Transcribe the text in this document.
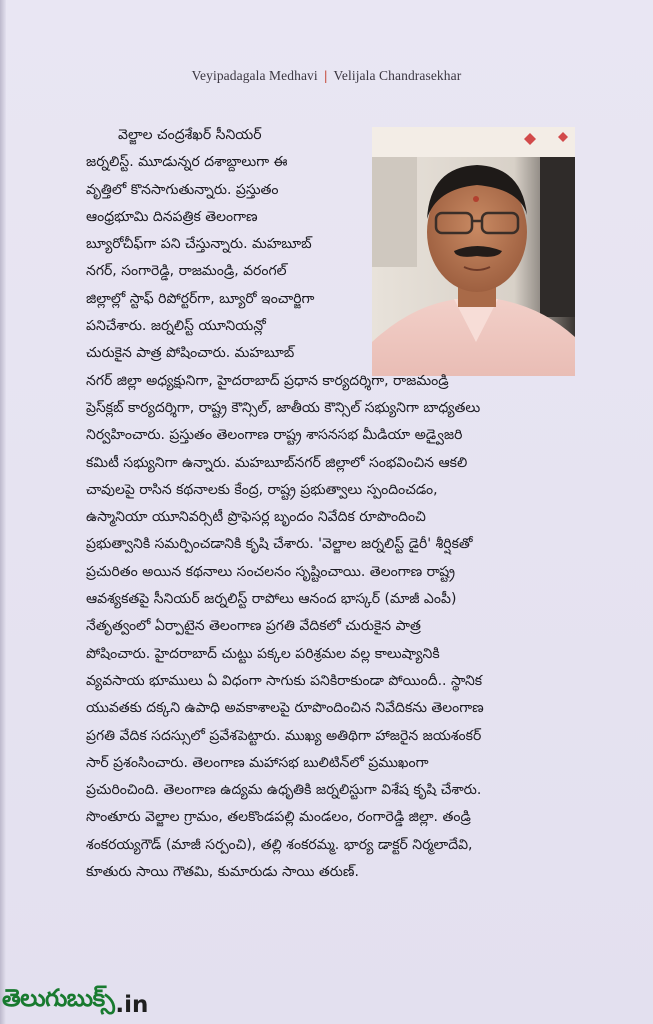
Veyipadagala Medhavi | Velijala Chandrasekhar
వెల్జాల చంద్రశేఖర్ సీనియర్
జర్నలిస్ట్. మూడున్నర దశాబ్దాలుగా ఈ
వృత్తిలో కొనసాగుతున్నారు. ప్రస్తుతం
ఆంధ్రభూమి దినపత్రిక తెలంగాణ
బ్యూరోచీఫ్‌గా పని చేస్తున్నారు. మహబూబ్
నగర్, సంగారెడ్డి, రాజమండ్రి, వరంగల్
జిల్లాల్లో స్టాఫ్ రిపోర్టర్‌గా, బ్యూరో ఇంచార్జిగా
పనిచేశారు. జర్నలిస్ట్ యూనియన్లో
చురుకైన పాత్ర పోషించారు. మహబూబ్
నగర్ జిల్లా అధ్యక్షునిగా, హైదరాబాద్ ప్రధాన కార్యదర్శిగా, రాజమండ్రి
ప్రెస్‌క్లబ్ కార్యదర్శిగా, రాష్ట్ర కౌన్సిల్, జాతీయ కౌన్సిల్ సభ్యునిగా బాధ్యతలు
నిర్వహించారు. ప్రస్తుతం తెలంగాణ రాష్ట్ర శాసనసభ మీడియా అడ్వైజరి
కమిటీ సభ్యునిగా ఉన్నారు. మహబూబ్‌నగర్ జిల్లాలో సంభవించిన ఆకలి
చావులపై రాసిన కథనాలకు కేంద్ర, రాష్ట్ర ప్రభుత్వాలు స్పందించడం,
ఉస్మానియా యూనివర్సిటీ ప్రొఫెసర్ల బృందం నివేదిక రూపొందించి
ప్రభుత్వానికి సమర్పించడానికి కృషి చేశారు. 'వెల్జాల జర్నలిస్ట్ డైరీ' శీర్షికతో
ప్రచురితం అయిన కథనాలు సంచలనం సృష్టించాయి. తెలంగాణ రాష్ట్ర
ఆవశ్యకతపై సీనియర్ జర్నలిస్ట్ రాపోలు ఆనంద భాస్కర్ (మాజీ ఎంపీ)
నేతృత్వంలో ఏర్పాటైన తెలంగాణ ప్రగతి వేదికలో చురుకైన పాత్ర
పోషించారు. హైదరాబాద్ చుట్టు పక్కల పరిశ్రమల వల్ల కాలుష్యానికి
వ్యవసాయ భూములు ఏ విధంగా సాగుకు పనికిరాకుండా పోయిందీ.. స్థానిక
యువతకు దక్కని ఉపాధి అవకాశాలపై రూపొందించిన నివేదికను తెలంగాణ
ప్రగతి వేదిక సదస్సులో ప్రవేశపెట్టారు. ముఖ్య అతిథిగా హాజరైన జయశంకర్
సార్ ప్రశంసించారు. తెలంగాణ మహాసభ బులిటిన్‌లో ప్రముఖంగా
ప్రచురించింది. తెలంగాణ ఉద్యమ ఉధృతికి జర్నలిస్టుగా విశేష కృషి చేశారు.
సొంతూరు వెల్జాల గ్రామం, తలకొండపల్లి మండలం, రంగారెడ్డి జిల్లా. తండ్రి
శంకరయ్యగౌడ్ (మాజీ సర్పంచి), తల్లి శంకరమ్మ. భార్య డాక్టర్ నిర్మలాదేవి,
కూతురు సాయి గౌతమి, కుమారుడు సాయి తరుణ్.
తెలుగుబుక్స్ .in
